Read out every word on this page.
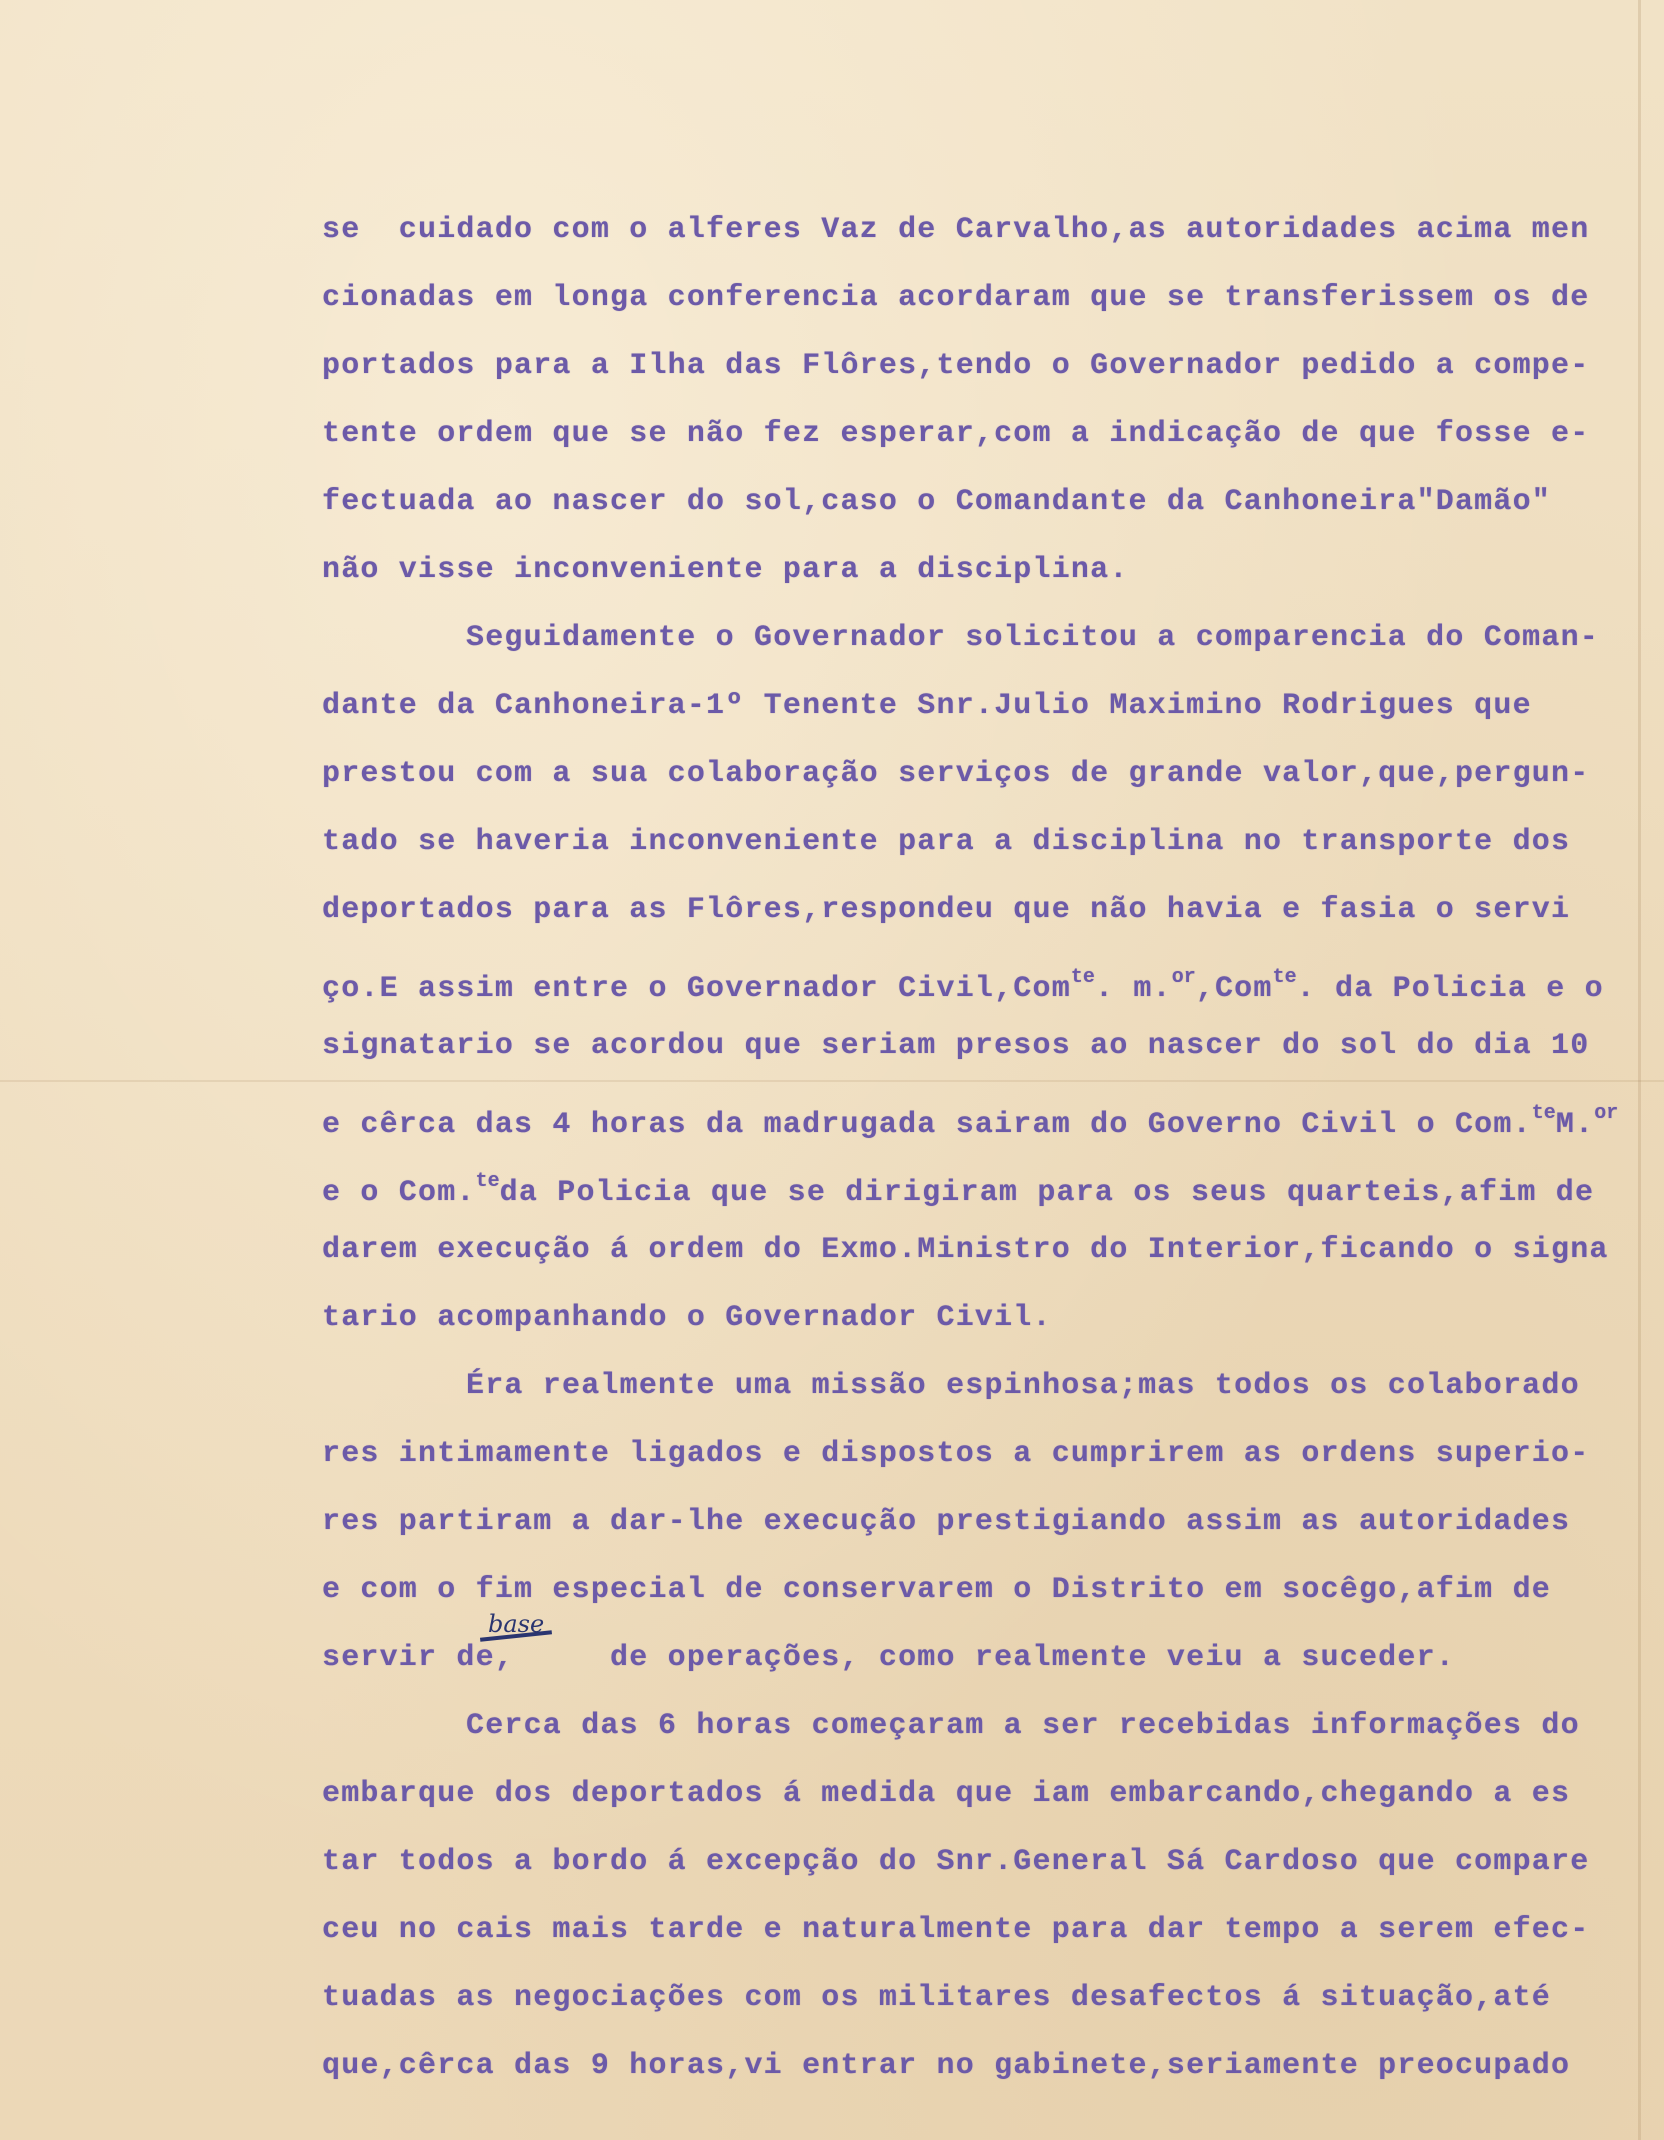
se  cuidado com o alferes Vaz de Carvalho,as autoridades acima men
cionadas em longa conferencia acordaram que se transferissem os de
portados para a Ilha das Flôres,tendo o Governador pedido a compe-
tente ordem que se não fez esperar,com a indicação de que fosse e-
fectuada ao nascer do sol,caso o Comandante da Canhoneira"Damão"
não visse inconveniente para a disciplina.
Seguidamente o Governador solicitou a comparencia do Coman-
dante da Canhoneira-1º Tenente Snr.Julio Maximino Rodrigues que
prestou com a sua colaboração serviços de grande valor,que,pergun-
tado se haveria inconveniente para a disciplina no transporte dos
deportados para as Flôres,respondeu que não havia e fasia o servi
ço.E assim entre o Governador Civil,Com$^{te}$. m.$^{or}$,Com$^{te}$. da Policia e o
signatario se acordou que seriam presos ao nascer do sol do dia 10
e cêrca das 4 horas da madrugada sairam do Governo Civil o Com.$^{te}$M.$^{or}$
e o Com.$^{te}$da Policia que se dirigiram para os seus quarteis,afim de
darem execução á ordem do Exmo.Ministro do Interior,ficando o signa
tario acompanhando o Governador Civil.
Éra realmente uma missão espinhosa;mas todos os colaborado
res intimamente ligados e dispostos a cumprirem as ordens superio-
res partiram a dar-lhe execução prestigiando assim as autoridades
e com o fim especial de conservarem o Distrito em socêgo,afim de
servir de,     de operações, como realmente veiu a suceder.
Cerca das 6 horas começaram a ser recebidas informações do
embarque dos deportados á medida que iam embarcando,chegando a es
tar todos a bordo á excepção do Snr.General Sá Cardoso que compare
ceu no cais mais tarde e naturalmente para dar tempo a serem efec-
tuadas as negociações com os militares desafectos á situação,até
que,cêrca das 9 horas,vi entrar no gabinete,seriamente preocupado
base
